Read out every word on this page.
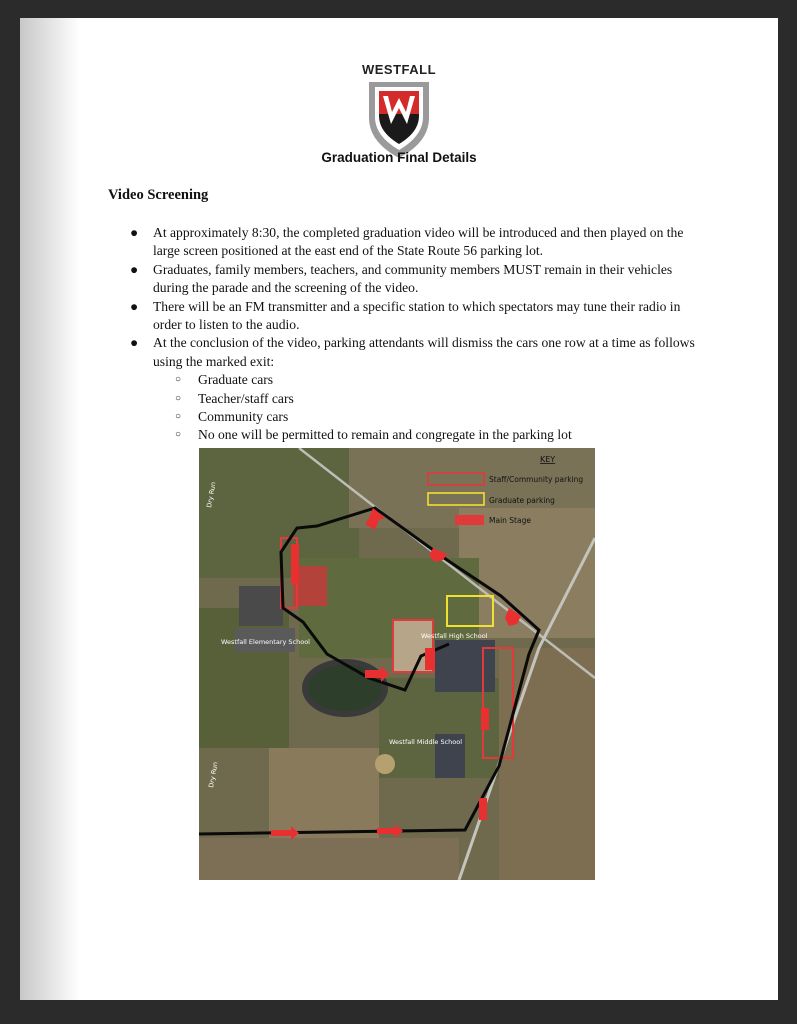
WESTFALL
Graduation Final Details
Video Screening
● At approximately 8:30, the completed graduation video will be introduced and then played on the large screen positioned at the east end of the State Route 56 parking lot.
● Graduates, family members, teachers, and community members MUST remain in their vehicles during the parade and the screening of the video.
● There will be an FM transmitter and a specific station to which spectators may tune their radio in order to listen to the audio.
● At the conclusion of the video, parking attendants will dismiss the cars one row at a time as follows using the marked exit:
○ Graduate cars
○ Teacher/staff cars
○ Community cars
○ No one will be permitted to remain and congregate in the parking lot
KEY
Staff/Community parking
Graduate parking
Main Stage
Dry Run
Dry Run
Westfall Elementary School
Westfall High School
Westfall Middle School
